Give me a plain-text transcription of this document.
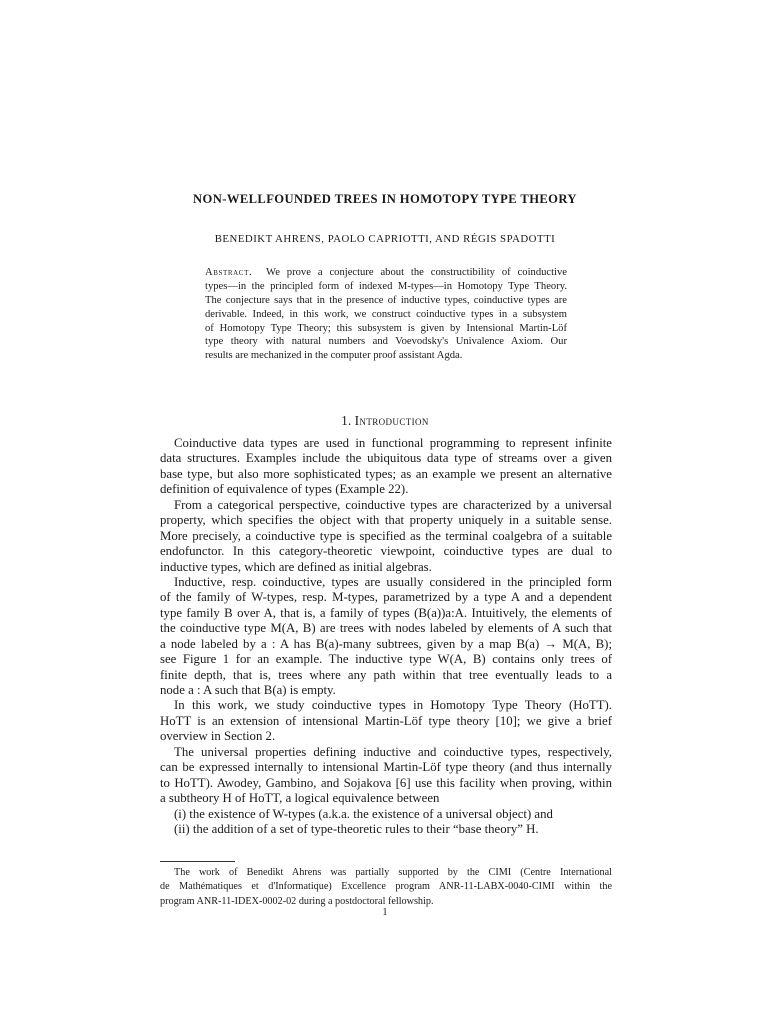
NON-WELLFOUNDED TREES IN HOMOTOPY TYPE THEORY
BENEDIKT AHRENS, PAOLO CAPRIOTTI, AND RÉGIS SPADOTTI
Abstract. We prove a conjecture about the constructibility of coinductive
types—in the principled form of indexed M-types—in Homotopy Type Theory.
The conjecture says that in the presence of inductive types, coinductive types are
derivable. Indeed, in this work, we construct coinductive types in a subsystem
of Homotopy Type Theory; this subsystem is given by Intensional Martin-Löf
type theory with natural numbers and Voevodsky's Univalence Axiom. Our
results are mechanized in the computer proof assistant Agda.
1. Introduction
Coinductive data types are used in functional programming to represent infinite
data structures. Examples include the ubiquitous data type of streams over a given
base type, but also more sophisticated types; as an example we present an alternative
definition of equivalence of types (Example 22).
From a categorical perspective, coinductive types are characterized by a universal
property, which specifies the object with that property uniquely in a suitable sense.
More precisely, a coinductive type is specified as the terminal coalgebra of a suitable
endofunctor. In this category-theoretic viewpoint, coinductive types are dual to
inductive types, which are defined as initial algebras.
Inductive, resp. coinductive, types are usually considered in the principled form
of the family of W-types, resp. M-types, parametrized by a type A and a dependent
type family B over A, that is, a family of types (B(a))a:A. Intuitively, the elements of
the coinductive type M(A, B) are trees with nodes labeled by elements of A such that
a node labeled by a : A has B(a)-many subtrees, given by a map B(a) → M(A, B);
see Figure 1 for an example. The inductive type W(A, B) contains only trees of
finite depth, that is, trees where any path within that tree eventually leads to a
node a : A such that B(a) is empty.
In this work, we study coinductive types in Homotopy Type Theory (HoTT).
HoTT is an extension of intensional Martin-Löf type theory [10]; we give a brief
overview in Section 2.
The universal properties defining inductive and coinductive types, respectively,
can be expressed internally to intensional Martin-Löf type theory (and thus internally
to HoTT). Awodey, Gambino, and Sojakova [6] use this facility when proving, within
a subtheory H of HoTT, a logical equivalence between
(i) the existence of W-types (a.k.a. the existence of a universal object) and
(ii) the addition of a set of type-theoretic rules to their “base theory” H.
The work of Benedikt Ahrens was partially supported by the CIMI (Centre International
de Mathématiques et d'Informatique) Excellence program ANR-11-LABX-0040-CIMI within the
program ANR-11-IDEX-0002-02 during a postdoctoral fellowship.
1
